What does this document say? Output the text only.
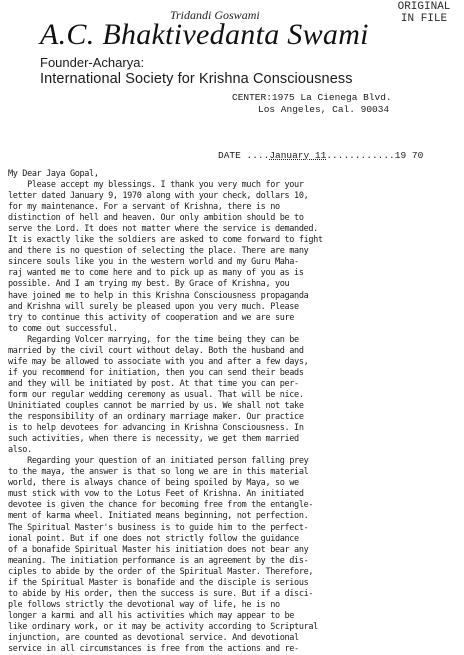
ORIGINAL
IN FILE
Tridandi Goswami
A.C. Bhaktivedanta Swami
Founder-Acharya:
International Society for Krishna Consciousness
CENTER:1975 La Cienega Blvd.
Los Angeles, Cal. 90034
DATE ....January 11............19 70
My Dear Jaya Gopal,
Please accept my blessings. I thank you very much for your
letter dated January 9, 1970 along with your check, dollars 10,
for my maintenance. For a servant of Krishna, there is no
distinction of hell and heaven. Our only ambition should be to
serve the Lord. It does not matter where the service is demanded.
It is exactly like the soldiers are asked to come forward to fight
and there is no question of selecting the place. There are many
sincere souls like you in the western world and my Guru Maha-
raj wanted me to come here and to pick up as many of you as is
possible. And I am trying my best. By Grace of Krishna, you
have joined me to help in this Krishna Consciousness propaganda
and Krishna will surely be pleased upon you very much. Please
try to continue this activity of cooperation and we are sure
to come out successful.
Regarding Volcer marrying, for the time being they can be
married by the civil court without delay. Both the husband and
wife may be allowed to associate with you and after a few days,
if you recommend for initiation, then you can send their beads
and they will be initiated by post. At that time you can per-
form our regular wedding ceremony as usual. That will be nice.
Uninitiated couples cannot be married by us. We shall not take
the responsibility of an ordinary marriage maker. Our practice
is to help devotees for advancing in Krishna Consciousness. In
such activities, when there is necessity, we get them married
also.
Regarding your question of an initiated person falling prey
to the maya, the answer is that so long we are in this material
world, there is always chance of being spoiled by Maya, so we
must stick with vow to the Lotus Feet of Krishna. An initiated
devotee is given the chance for becoming free from the entangle-
ment of karma wheel. Initiated means beginning, not perfection.
The Spiritual Master's business is to guide him to the perfect-
ional point. But if one does not strictly follow the guidance
of a bonafide Spiritual Master his initiation does not bear any
meaning. The initiation performance is an agreement by the dis-
ciples to abide by the order of the Spiritual Master. Therefore,
if the Spiritual Master is bonafide and the disciple is serious
to abide by His order, then the success is sure. But if a disci-
ple follows strictly the devotional way of life, he is no
longer a karmi and all his activities which may appear to be
like ordinary work, or it may be activity according to Scriptural
injunction, are counted as devotional service. And devotional
service in all circumstances is free from the actions and re-
